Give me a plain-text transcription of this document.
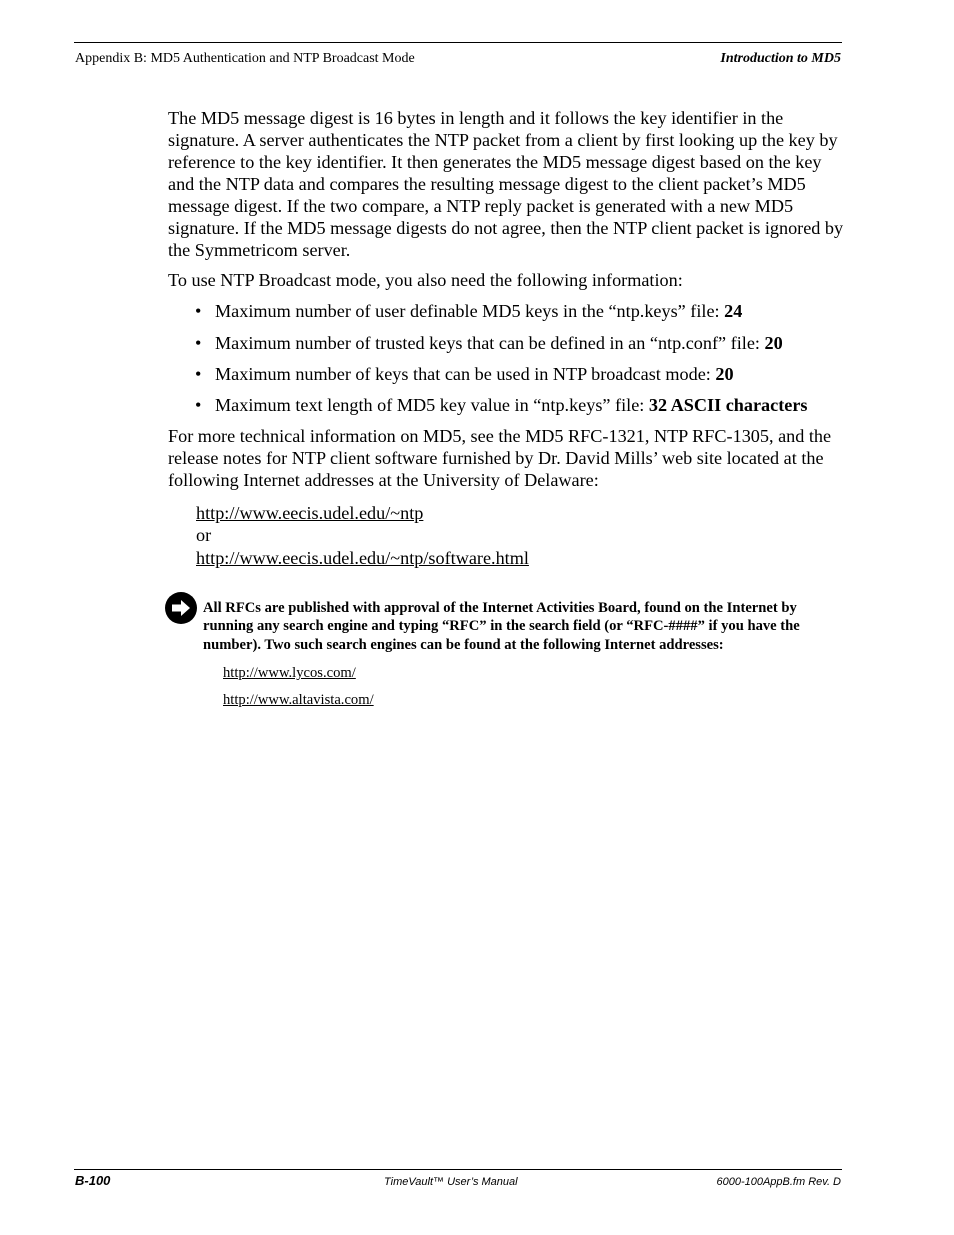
Appendix B: MD5 Authentication and NTP Broadcast Mode	Introduction to MD5

The MD5 message digest is 16 bytes in length and it follows the key identifier in the signature. A server authenticates the NTP packet from a client by first looking up the key by reference to the key identifier. It then generates the MD5 message digest based on the key and the NTP data and compares the resulting message digest to the client packet’s MD5 message digest. If the two compare, a NTP reply packet is generated with a new MD5 signature. If the MD5 message digests do not agree, then the NTP client packet is ignored by the Symmetricom server.

To use NTP Broadcast mode, you also need the following information:

• Maximum number of user definable MD5 keys in the “ntp.keys” file: 24
• Maximum number of trusted keys that can be defined in an “ntp.conf” file: 20
• Maximum number of keys that can be used in NTP broadcast mode: 20
• Maximum text length of MD5 key value in “ntp.keys” file: 32 ASCII characters

For more technical information on MD5, see the MD5 RFC-1321, NTP RFC-1305, and the release notes for NTP client software furnished by Dr. David Mills’ web site located at the following Internet addresses at the University of Delaware:

http://www.eecis.udel.edu/~ntp
or
http://www.eecis.udel.edu/~ntp/software.html

All RFCs are published with approval of the Internet Activities Board, found on the Internet by running any search engine and typing “RFC” in the search field (or “RFC-####” if you have the number). Two such search engines can be found at the following Internet addresses:

http://www.lycos.com/
http://www.altavista.com/
B-100	TimeVault™ User’s Manual	6000-100AppB.fm Rev. D
